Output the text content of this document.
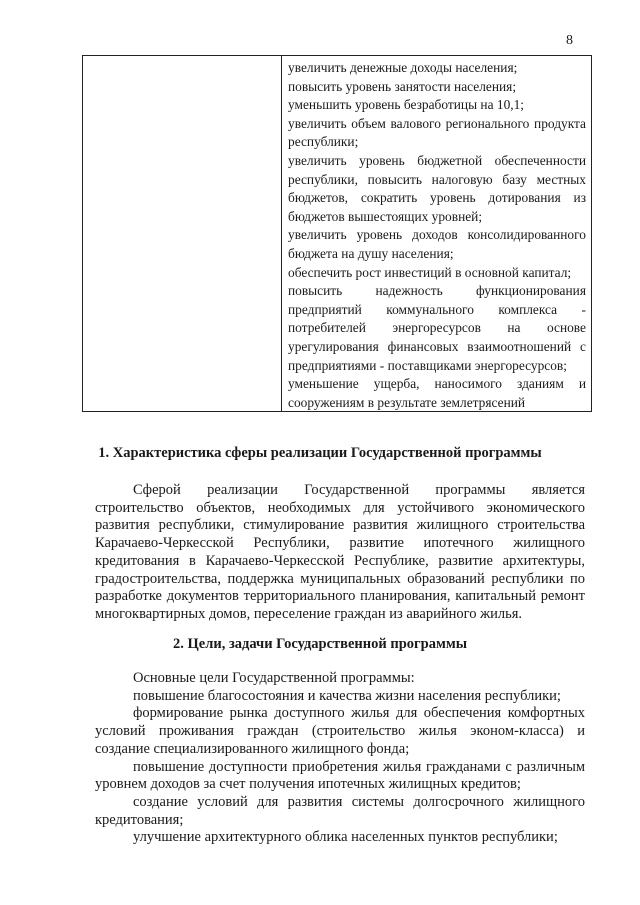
8

увеличить денежные доходы населения;

повысить уровень занятости населения;

уменьшить уровень безработицы на 10,1;

увеличить объем валового регионального продукта республики;

увеличить уровень бюджетной обеспеченности республики, повысить налоговую базу местных бюджетов, сократить уровень дотирования из бюджетов вышестоящих уровней;

увеличить уровень доходов консолидированного бюджета на душу населения;

обеспечить рост инвестиций в основной капитал;

повысить надежность функционирования предприятий коммунального комплекса - потребителей энергоресурсов на основе урегулирования финансовых взаимоотношений с предприятиями - поставщиками энергоресурсов;

уменьшение ущерба, наносимого зданиям и сооружениям в результате землетрясений

1. Характеристика сферы реализации Государственной программы

Сферой реализации Государственной программы является строительство объектов, необходимых для устойчивого экономического развития республики, стимулирование развития жилищного строительства Карачаево-Черкесской Республики, развитие ипотечного жилищного кредитования в Карачаево-Черкесской Республике, развитие архитектуры, градостроительства, поддержка муниципальных образований республики по разработке документов территориального планирования, капитальный ремонт многоквартирных домов, переселение граждан из аварийного жилья.

2. Цели, задачи Государственной программы

Основные цели Государственной программы:

повышение благосостояния и качества жизни населения республики;

формирование рынка доступного жилья для обеспечения комфортных условий проживания граждан (строительство жилья эконом-класса) и создание специализированного жилищного фонда;

повышение доступности приобретения жилья гражданами с различным уровнем доходов за счет получения ипотечных жилищных кредитов;

создание условий для развития системы долгосрочного жилищного кредитования;

улучшение архитектурного облика населенных пунктов республики;
